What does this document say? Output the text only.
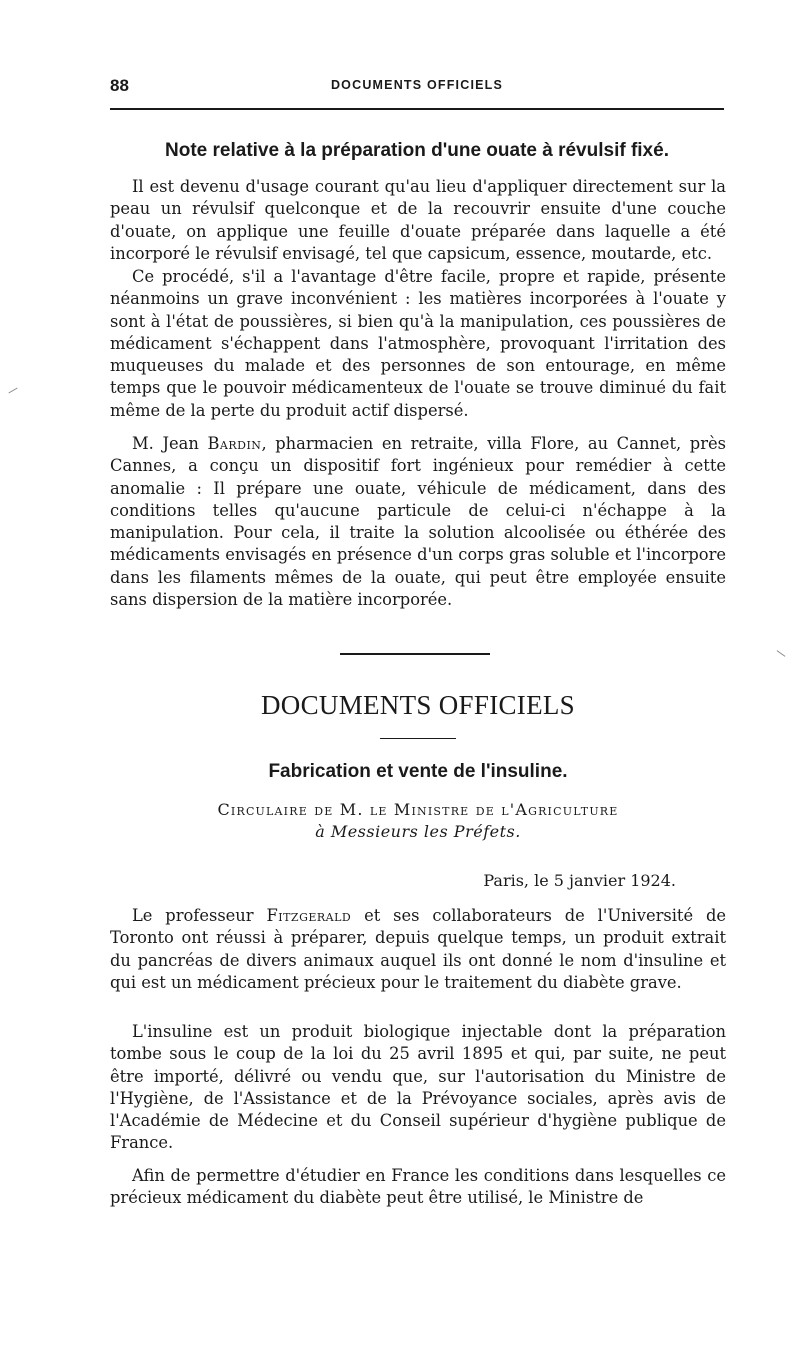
88	DOCUMENTS OFFICIELS
Note relative à la préparation d'une ouate à révulsif fixé.

Il est devenu d'usage courant qu'au lieu d'appliquer directement sur la peau un révulsif quelconque et de la recouvrir ensuite d'une couche d'ouate, on applique une feuille d'ouate préparée dans laquelle a été incorporé le révulsif envisagé, tel que capsicum, essence, moutarde, etc.

Ce procédé, s'il a l'avantage d'être facile, propre et rapide, présente néanmoins un grave inconvénient : les matières incorporées à l'ouate y sont à l'état de poussières, si bien qu'à la manipulation, ces poussières de médicament s'échappent dans l'atmosphère, provoquant l'irritation des muqueuses du malade et des personnes de son entourage, en même temps que le pouvoir médicamenteux de l'ouate se trouve diminué du fait même de la perte du produit actif dispersé.

M. Jean Bardin, pharmacien en retraite, villa Flore, au Cannet, près Cannes, a conçu un dispositif fort ingénieux pour remédier à cette anomalie : Il prépare une ouate, véhicule de médicament, dans des conditions telles qu'aucune particule de celui-ci n'échappe à la manipulation. Pour cela, il traite la solution alcoolisée ou éthérée des médicaments envisagés en présence d'un corps gras soluble et l'incorpore dans les filaments mêmes de la ouate, qui peut être employée ensuite sans dispersion de la matière incorporée.

DOCUMENTS OFFICIELS
Fabrication et vente de l'insuline.
Circulaire de M. le Ministre de l'Agriculture
à Messieurs les Préfets.
Paris, le 5 janvier 1924.

Le professeur Fitzgerald et ses collaborateurs de l'Université de Toronto ont réussi à préparer, depuis quelque temps, un produit extrait du pancréas de divers animaux auquel ils ont donné le nom d'insuline et qui est un médicament précieux pour le traitement du diabète grave.

L'insuline est un produit biologique injectable dont la préparation tombe sous le coup de la loi du 25 avril 1895 et qui, par suite, ne peut être importé, délivré ou vendu que, sur l'autorisation du Ministre de l'Hygiène, de l'Assistance et de la Prévoyance sociales, après avis de l'Académie de Médecine et du Conseil supérieur d'hygiène publique de France.

Afin de permettre d'étudier en France les conditions dans lesquelles ce précieux médicament du diabète peut être utilisé, le Ministre de
